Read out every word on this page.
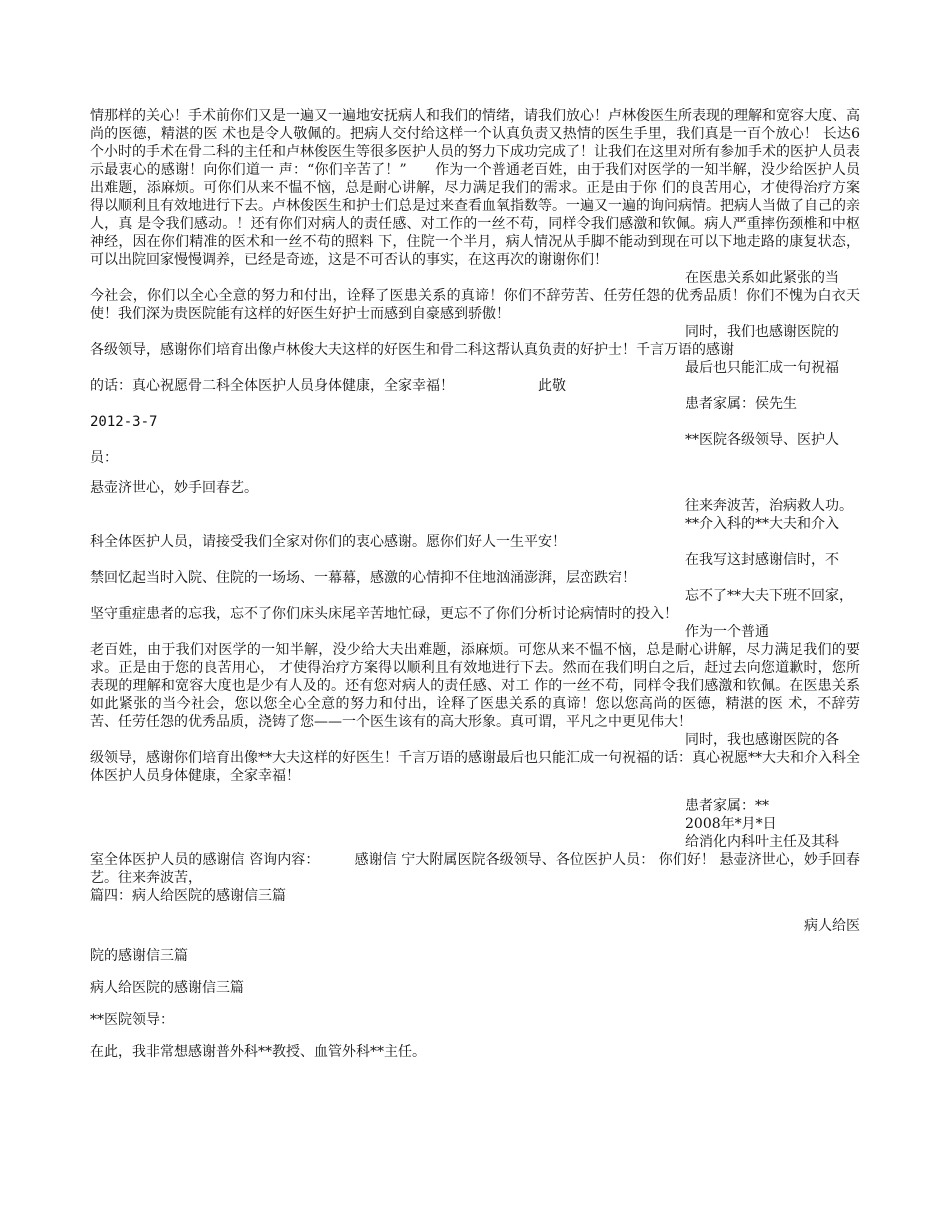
情那样的关心！手术前你们又是一遍又一遍地安抚病人和我们的情绪，请我们放心！卢林俊医生所表现的理解和宽容大度、高尚的医德，精湛的医 术也是令人敬佩的。把病人交付给这样一个认真负责又热情的医生手里，我们真是一百个放心！ 长达6个小时的手术在骨二科的主任和卢林俊医生等很多医护人员的努力下成功完成了！让我们在这里对所有参加手术的医护人员表示最衷心的感谢！向你们道一 声：“你们辛苦了！”　　作为一个普通老百姓，由于我们对医学的一知半解，没少给医护人员出难题，添麻烦。可你们从来不愠不恼，总是耐心讲解，尽力满足我们的需求。正是由于你 们的良苦用心，才使得治疗方案得以顺利且有效地进行下去。卢林俊医生和护士们总是过来查看血氧指数等。一遍又一遍的询问病情。把病人当做了自己的亲人，真 是令我们感动。！还有你们对病人的责任感、对工作的一丝不苟，同样令我们感激和钦佩。病人严重摔伤颈椎和中枢神经，因在你们精准的医术和一丝不苟的照料 下，住院一个半月，病人情况从手脚不能动到现在可以下地走路的康复状态，可以出院回家慢慢调养，已经是奇迹，这是不可否认的事实，在这再次的谢谢你们！

在医患关系如此紧张的当

今社会，你们以全心全意的努力和付出，诠释了医患关系的真谛！你们不辞劳苦、任劳任怨的优秀品质！你们不愧为白衣天使！我们深为贵医院能有这样的好医生好护士而感到自豪感到骄傲！

同时，我们也感谢医院的

各级领导，感谢你们培育出像卢林俊大夫这样的好医生和骨二科这帮认真负责的好护士！千言万语的感谢

最后也只能汇成一句祝福

的话：真心祝愿骨二科全体医护人员身体健康，全家幸福！　　　　　　此敬

患者家属：侯先生

2012-3-7

**医院各级领导、医护人

员：

悬壶济世心，妙手回春艺。

往来奔波苦，治病救人功。

**介入科的**大夫和介入

科全体医护人员，请接受我们全家对你们的衷心感谢。愿你们好人一生平安！

在我写这封感谢信时，不

禁回忆起当时入院、住院的一场场、一幕幕，感激的心情抑不住地汹涌澎湃，层峦跌宕！

忘不了**大夫下班不回家，

坚守重症患者的忘我，忘不了你们床头床尾辛苦地忙碌，更忘不了你们分析讨论病情时的投入！

作为一个普通

老百姓，由于我们对医学的一知半解，没少给大夫出难题，添麻烦。可您从来不愠不恼，总是耐心讲解，尽力满足我们的要求。正是由于您的良苦用心， 才使得治疗方案得以顺利且有效地进行下去。然而在我们明白之后，赶过去向您道歉时，您所表现的理解和宽容大度也是少有人及的。还有您对病人的责任感、对工 作的一丝不苟，同样令我们感激和钦佩。在医患关系如此紧张的当今社会，您以您全心全意的努力和付出，诠释了医患关系的真谛！您以您高尚的医德，精湛的医 术，不辞劳苦、任劳任怨的优秀品质，浇铸了您——一个医生该有的高大形象。真可谓，平凡之中更见伟大！

同时，我也感谢医院的各

级领导，感谢你们培育出像**大夫这样的好医生！千言万语的感谢最后也只能汇成一句祝福的话：真心祝愿**大夫和介入科全体医护人员身体健康，全家幸福！

患者家属：**

2008年*月*日

给消化内科叶主任及其科

室全体医护人员的感谢信 咨询内容：　　　感谢信 宁大附属医院各级领导、各位医护人员： 你们好！ 悬壶济世心，妙手回春艺。往来奔波苦，

篇四：病人给医院的感谢信三篇

病人给医

院的感谢信三篇

病人给医院的感谢信三篇

**医院领导：

在此，我非常想感谢普外科**教授、血管外科**主任。
